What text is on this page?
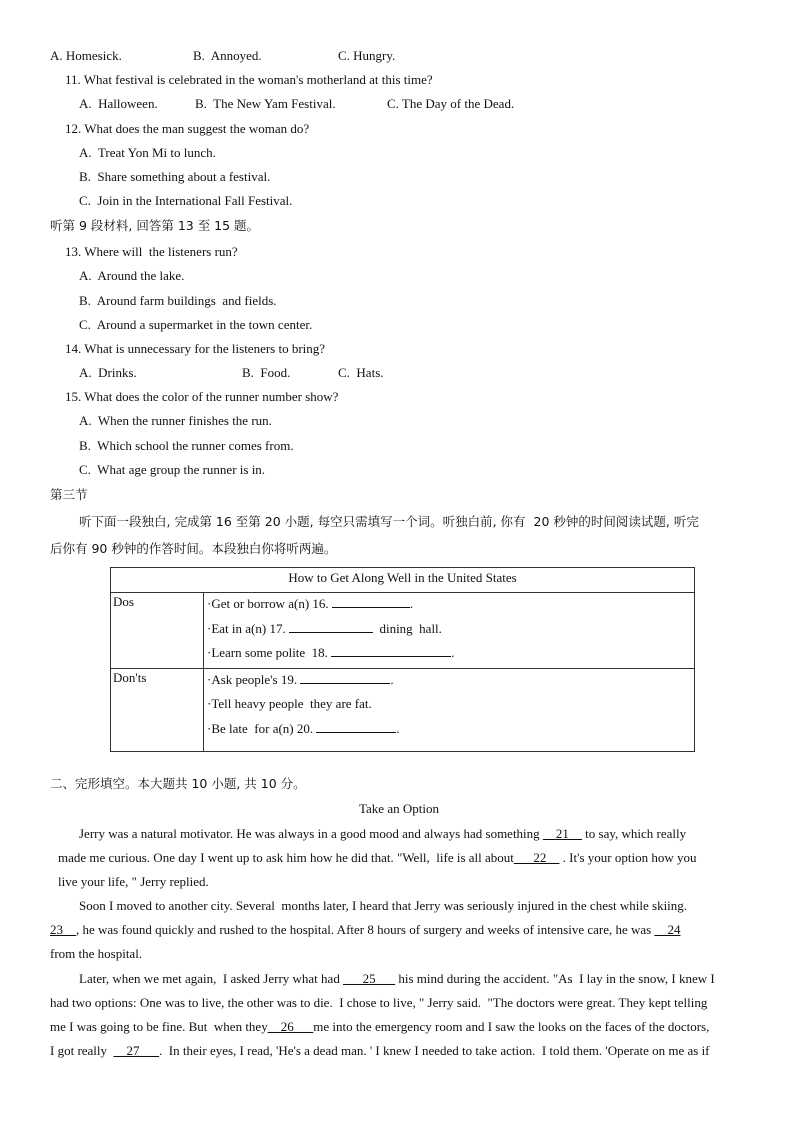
A. Homesick.	B.  Annoyed.	C. Hungry.
11. What festival is celebrated in the woman's motherland at this time?
A.  Halloween.	B.  The New Yam Festival.	C. The Day of the Dead.
12. What does the man suggest the woman do?
A.  Treat Yon Mi to lunch.
B.  Share something about a festival.
C.  Join in the International Fall Festival.
听第 9 段材料, 回答第 13 至 15 题。
13. Where will  the listeners run?
A.  Around the lake.
B.  Around farm buildings  and fields.
C.  Around a supermarket in the town center.
14. What is unnecessary for the listeners to bring?
A.  Drinks.	B.  Food.	C.  Hats.
15. What does the color of the runner number show?
A.  When the runner finishes the run.
B.  Which school the runner comes from.
C.  What age group the runner is in.
第三节
听下面一段独白, 完成第 16 至第 20 小题, 每空只需填写一个词。听独白前, 你有  20 秒钟的时间阅读试题, 听完
后你有 90 秒钟的作答时间。本段独白你将听两遍。
How to Get Along Well in the United States	
Dos	·Get or borrow a(n) 16. .
·Eat in a(n) 17. dining  hall.
·Learn some polite  18. .

Don'ts	·Ask people's 19. .
·Tell heavy people  they are fat.
·Be late  for a(n) 20. .
二、完形填空。本大题共 10 小题, 共 10 分。
Take an Option
Jerry was a natural motivator. He was always in a good mood and always had something __21__ to say, which really
made me curious. One day I went up to ask him how he did that. "Well,  life is all about___22__ . It's your option how you
live your life, " Jerry replied.
Soon I moved to another city. Several  months later, I heard that Jerry was seriously injured in the chest while skiing.
23__, he was found quickly and rushed to the hospital. After 8 hours of surgery and weeks of intensive care, he was __24
from the hospital.
Later, when we met again,  I asked Jerry what had ___25___ his mind during the accident. "As  I lay in the snow, I knew I
had two options: One was to live, the other was to die.  I chose to live, " Jerry said.  "The doctors were great. They kept telling
me I was going to be fine. But  when they__26___me into the emergency room and I saw the looks on the faces of the doctors,
I got really  __27___.  In their eyes, I read, 'He's a dead man. ' I knew I needed to take action.  I told them. 'Operate on me as if
